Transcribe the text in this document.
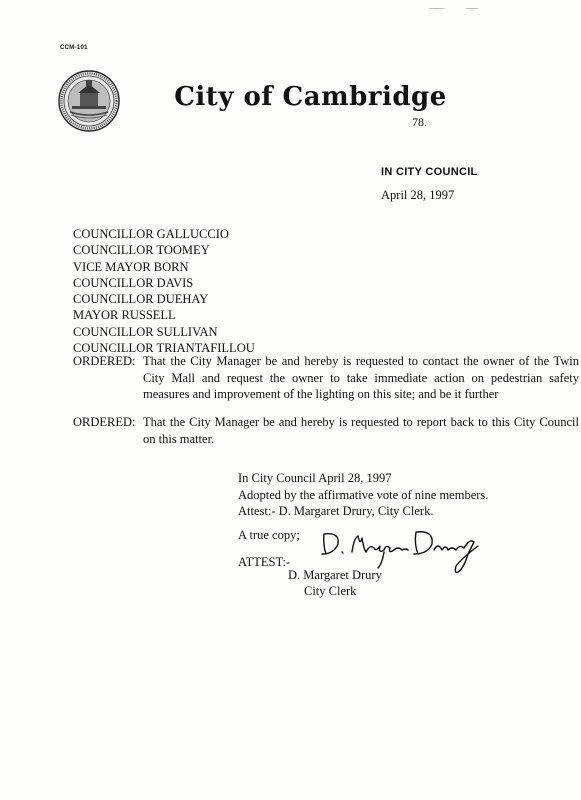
CCM-101
City of Cambridge
78.
IN CITY COUNCIL
April 28, 1997
COUNCILLOR GALLUCCIO
COUNCILLOR TOOMEY
VICE MAYOR BORN
COUNCILLOR DAVIS
COUNCILLOR DUEHAY
MAYOR RUSSELL
COUNCILLOR SULLIVAN
COUNCILLOR TRIANTAFILLOU
ORDERED: That the City Manager be and hereby is requested to contact the owner of the Twin City Mall and request the owner to take immediate action on pedestrian safety measures and improvement of the lighting on this site; and be it further
ORDERED: That the City Manager be and hereby is requested to report back to this City Council on this matter.
In City Council April 28, 1997
Adopted by the affirmative vote of nine members.
Attest:- D. Margaret Drury, City Clerk.
A true copy;
ATTEST:-
D. Margaret Drury
City Clerk
